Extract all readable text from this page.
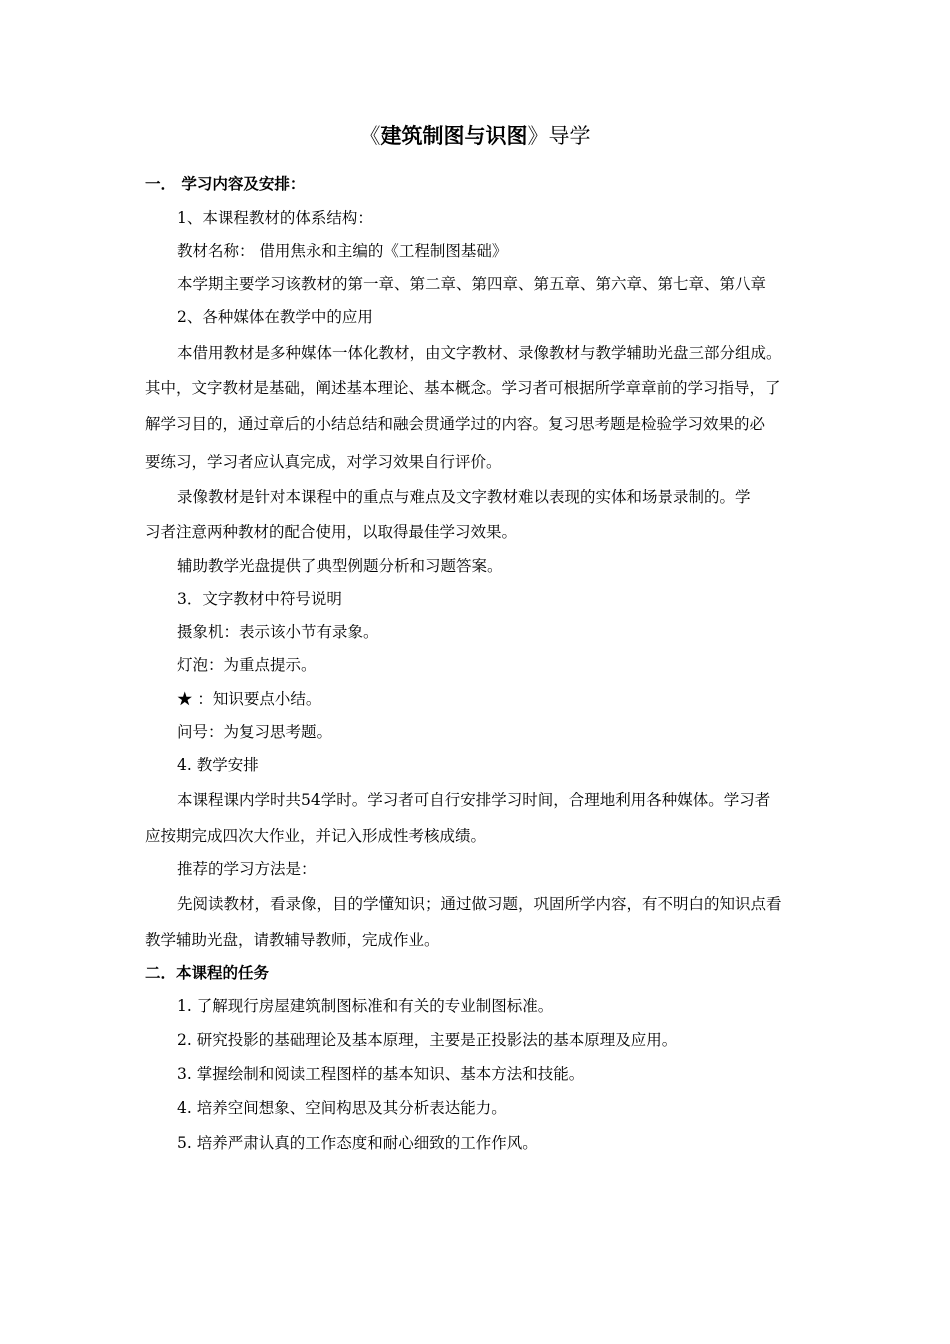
《建筑制图与识图》导学
一． 学习内容及安排：
1、本课程教材的体系结构：
教材名称： 借用焦永和主编的《工程制图基础》
本学期主要学习该教材的第一章、第二章、第四章、第五章、第六章、第七章、第八章
2、各种媒体在教学中的应用
本借用教材是多种媒体一体化教材，由文字教材、录像教材与教学辅助光盘三部分组成。
其中，文字教材是基础，阐述基本理论、基本概念。学习者可根据所学章章前的学习指导，了
解学习目的，通过章后的小结总结和融会贯通学过的内容。复习思考题是检验学习效果的必
要练习，学习者应认真完成，对学习效果自行评价。
录像教材是针对本课程中的重点与难点及文字教材难以表现的实体和场景录制的。学
习者注意两种教材的配合使用，以取得最佳学习效果。
辅助教学光盘提供了典型例题分析和习题答案。
3．文字教材中符号说明
摄象机：表示该小节有录象。
灯泡：为重点提示。
★ ：知识要点小结。
问号：为复习思考题。
4. 教学安排
本课程课内学时共54学时。学习者可自行安排学习时间，合理地利用各种媒体。学习者
应按期完成四次大作业，并记入形成性考核成绩。
推荐的学习方法是：
先阅读教材，看录像，目的学懂知识；通过做习题，巩固所学内容，有不明白的知识点看
教学辅助光盘，请教辅导教师，完成作业。
二．本课程的任务
1. 了解现行房屋建筑制图标准和有关的专业制图标准。
2. 研究投影的基础理论及基本原理，主要是正投影法的基本原理及应用。
3. 掌握绘制和阅读工程图样的基本知识、基本方法和技能。
4. 培养空间想象、空间构思及其分析表达能力。
5. 培养严肃认真的工作态度和耐心细致的工作作风。
